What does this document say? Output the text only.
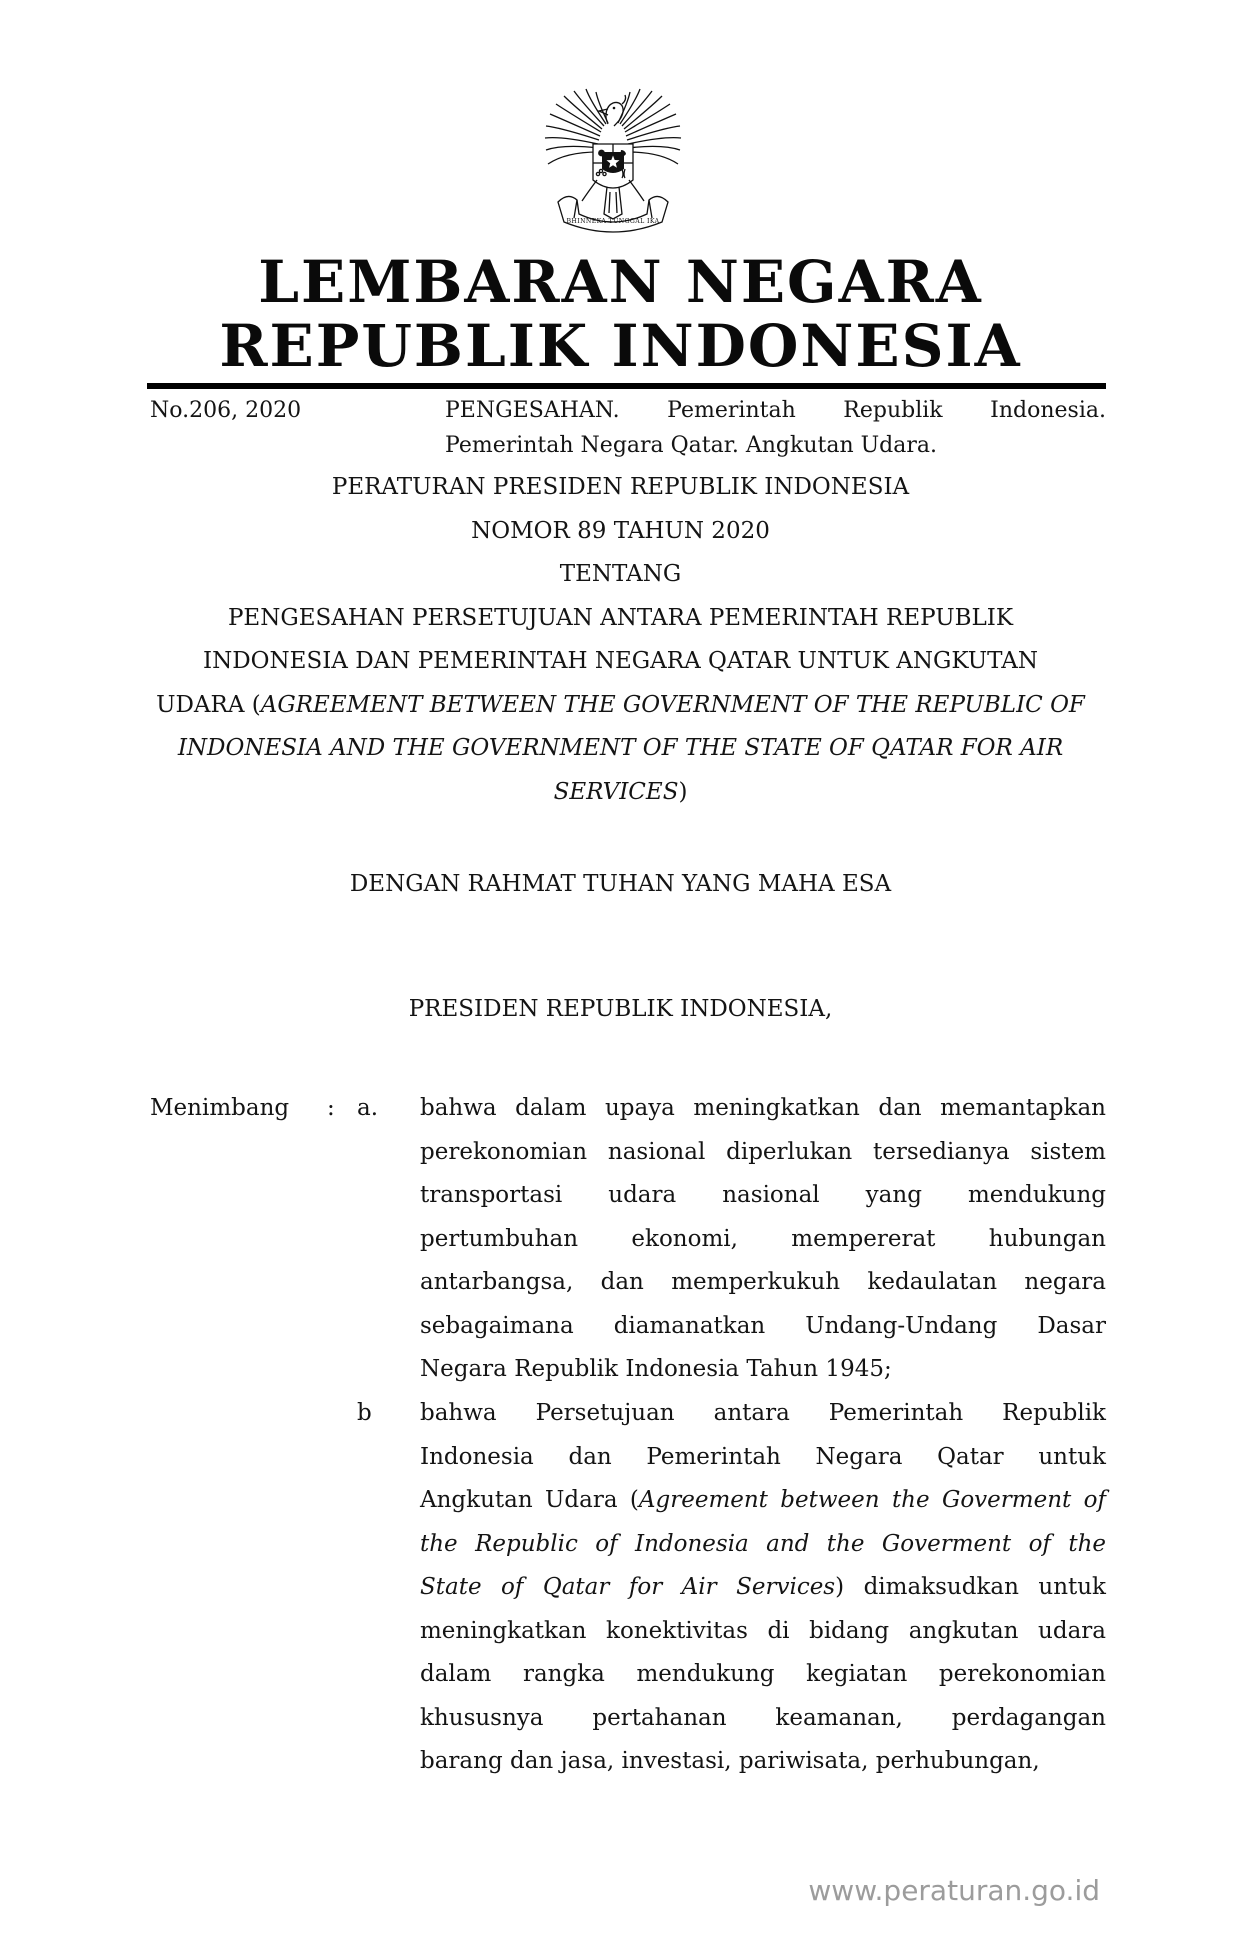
BHINNEKA TUNGGAL IKA
LEMBARAN NEGARA
REPUBLIK INDONESIA
No.206, 2020	PENGESAHAN. Pemerintah Republik Indonesia.
Pemerintah Negara Qatar. Angkutan Udara.
PERATURAN PRESIDEN REPUBLIK INDONESIA
NOMOR 89 TAHUN 2020
TENTANG
PENGESAHAN PERSETUJUAN ANTARA PEMERINTAH REPUBLIK
INDONESIA DAN PEMERINTAH NEGARA QATAR UNTUK ANGKUTAN
UDARA (AGREEMENT BETWEEN THE GOVERNMENT OF THE REPUBLIC OF
INDONESIA AND THE GOVERNMENT OF THE STATE OF QATAR FOR AIR
SERVICES)
DENGAN RAHMAT TUHAN YANG MAHA ESA
PRESIDEN REPUBLIK INDONESIA,
Menimbang : a. bahwa dalam upaya meningkatkan dan memantapkan
perekonomian nasional diperlukan tersedianya sistem
transportasi udara nasional yang mendukung
pertumbuhan ekonomi, mempererat hubungan
antarbangsa, dan memperkukuh kedaulatan negara
sebagaimana diamanatkan Undang-Undang Dasar
Negara Republik Indonesia Tahun 1945;
b bahwa Persetujuan antara Pemerintah Republik
Indonesia dan Pemerintah Negara Qatar untuk
Angkutan Udara (Agreement between the Goverment of
the Republic of Indonesia and the Goverment of the
State of Qatar for Air Services) dimaksudkan untuk
meningkatkan konektivitas di bidang angkutan udara
dalam rangka mendukung kegiatan perekonomian
khususnya pertahanan keamanan, perdagangan
barang dan jasa, investasi, pariwisata, perhubungan,
www.peraturan.go.id
